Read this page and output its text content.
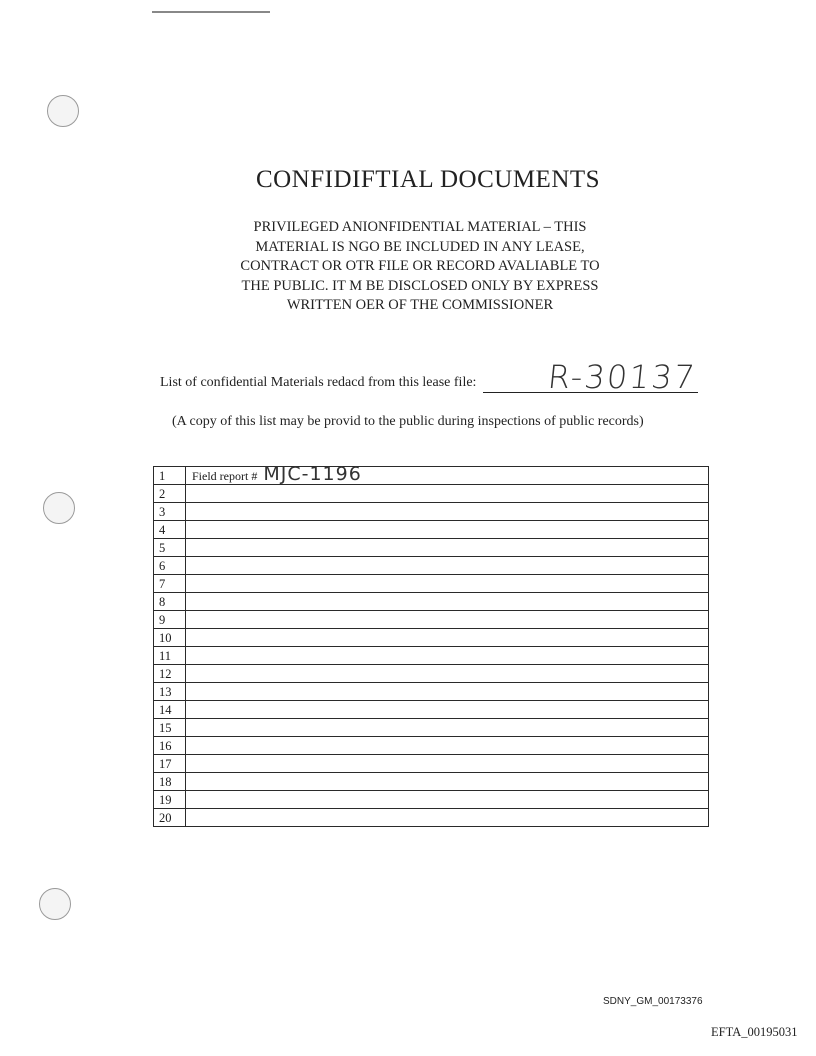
CONFIDIFTIAL DOCUMENTS
PRIVILEGED ANIONFIDENTIAL MATERIAL – THIS
MATERIAL IS NGO BE INCLUDED IN ANY LEASE,
CONTRACT OR OTR FILE OR RECORD AVALIABLE TO
THE PUBLIC. IT M BE DISCLOSED ONLY BY EXPRESS
WRITTEN OER OF THE COMMISSIONER
List of confidential Materials redacd from this lease file: R-30137
(A copy of this list may be provid to the public during inspections of public records)
1	Field report # MJC-1196
2	
3	
4	
5	
6	
7	
8	
9	
10	
11	
12	
13	
14	
15	
16	
17	
18	
19	
20	
SDNY_GM_00173376
EFTA_00195031
